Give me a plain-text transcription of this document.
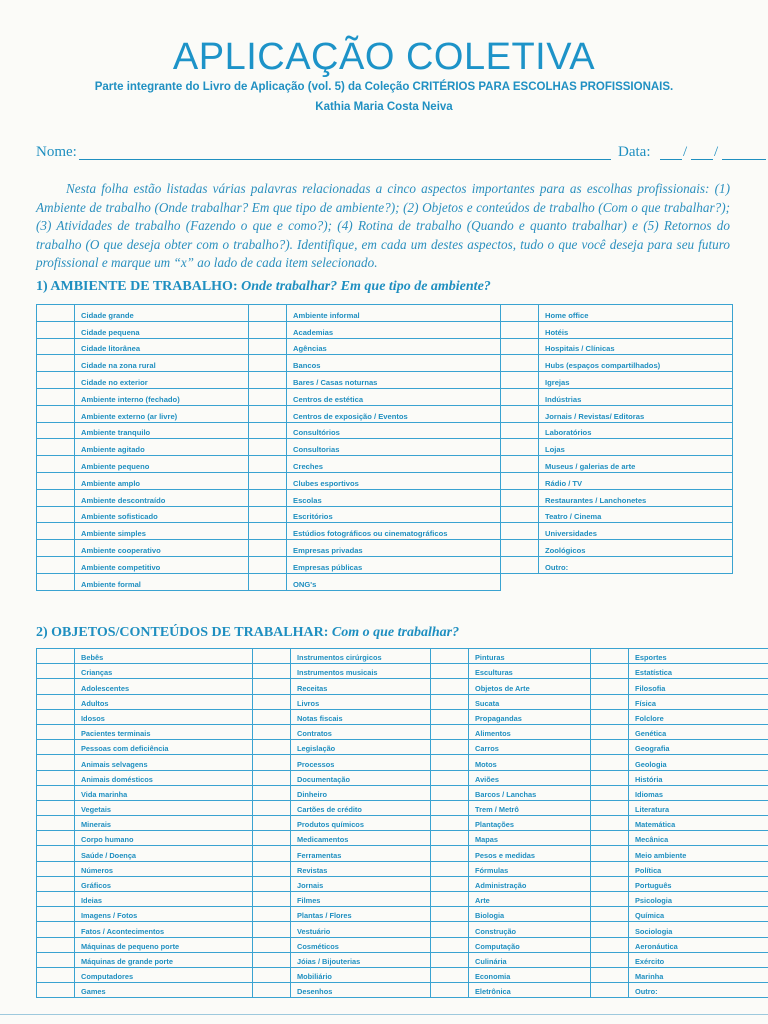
APLICAÇÃO COLETIVA
Parte integrante do Livro de Aplicação (vol. 5) da Coleção CRITÉRIOS PARA ESCOLHAS PROFISSIONAIS.
Kathia Maria Costa Neiva
Nome:	Data: / /

Nesta folha estão listadas várias palavras relacionadas a cinco aspectos importantes para as escolhas profissionais: (1) Ambiente de trabalho (Onde trabalhar? Em que tipo de ambiente?); (2) Objetos e conteúdos de trabalho (Com o que trabalhar?); (3) Atividades de trabalho (Fazendo o que e como?); (4) Rotina de trabalho (Quando e quanto trabalhar) e (5) Retornos do trabalho (O que deseja obter com o trabalho?). Identifique, em cada um destes aspectos, tudo o que você deseja para seu futuro profissional e marque um “x” ao lado de cada item selecionado.

1) AMBIENTE DE TRABALHO: Onde trabalhar? Em que tipo de ambiente?
	Cidade grande		Ambiente informal		Home office
	Cidade pequena		Academias		Hotéis
	Cidade litorânea		Agências		Hospitais / Clínicas
	Cidade na zona rural		Bancos		Hubs (espaços compartilhados)
	Cidade no exterior		Bares / Casas noturnas		Igrejas
	Ambiente interno (fechado)		Centros de estética		Indústrias
	Ambiente externo (ar livre)		Centros de exposição / Eventos		Jornais / Revistas/ Editoras
	Ambiente tranquilo		Consultórios		Laboratórios
	Ambiente agitado		Consultorias		Lojas
	Ambiente pequeno		Creches		Museus / galerias de arte
	Ambiente amplo		Clubes esportivos		Rádio / TV
	Ambiente descontraído		Escolas		Restaurantes / Lanchonetes
	Ambiente sofisticado		Escritórios		Teatro / Cinema
	Ambiente simples		Estúdios fotográficos ou cinematográficos		Universidades
	Ambiente cooperativo		Empresas privadas		Zoológicos
	Ambiente competitivo		Empresas públicas		Outro:
	Ambiente formal		ONG's		
2) OBJETOS/CONTEÚDOS DE TRABALHAR: Com o que trabalhar?
	Bebês		Instrumentos cirúrgicos		Pinturas		Esportes
	Crianças		Instrumentos musicais		Esculturas		Estatística
	Adolescentes		Receitas		Objetos de Arte		Filosofia
	Adultos		Livros		Sucata		Física
	Idosos		Notas fiscais		Propagandas		Folclore
	Pacientes terminais		Contratos		Alimentos		Genética
	Pessoas com deficiência		Legislação		Carros		Geografia
	Animais selvagens		Processos		Motos		Geologia
	Animais domésticos		Documentação		Aviões		História
	Vida marinha		Dinheiro		Barcos / Lanchas		Idiomas
	Vegetais		Cartões de crédito		Trem / Metrô		Literatura
	Minerais		Produtos químicos		Plantações		Matemática
	Corpo humano		Medicamentos		Mapas		Mecânica
	Saúde / Doença		Ferramentas		Pesos e medidas		Meio ambiente
	Números		Revistas		Fórmulas		Política
	Gráficos		Jornais		Administração		Português
	Ideias		Filmes		Arte		Psicologia
	Imagens / Fotos		Plantas / Flores		Biologia		Química
	Fatos / Acontecimentos		Vestuário		Construção		Sociologia
	Máquinas de pequeno porte		Cosméticos		Computação		Aeronáutica
	Máquinas de grande porte		Jóias / Bijouterias		Culinária		Exército
	Computadores		Mobiliário		Economia		Marinha
	Games		Desenhos		Eletrônica		Outro:
